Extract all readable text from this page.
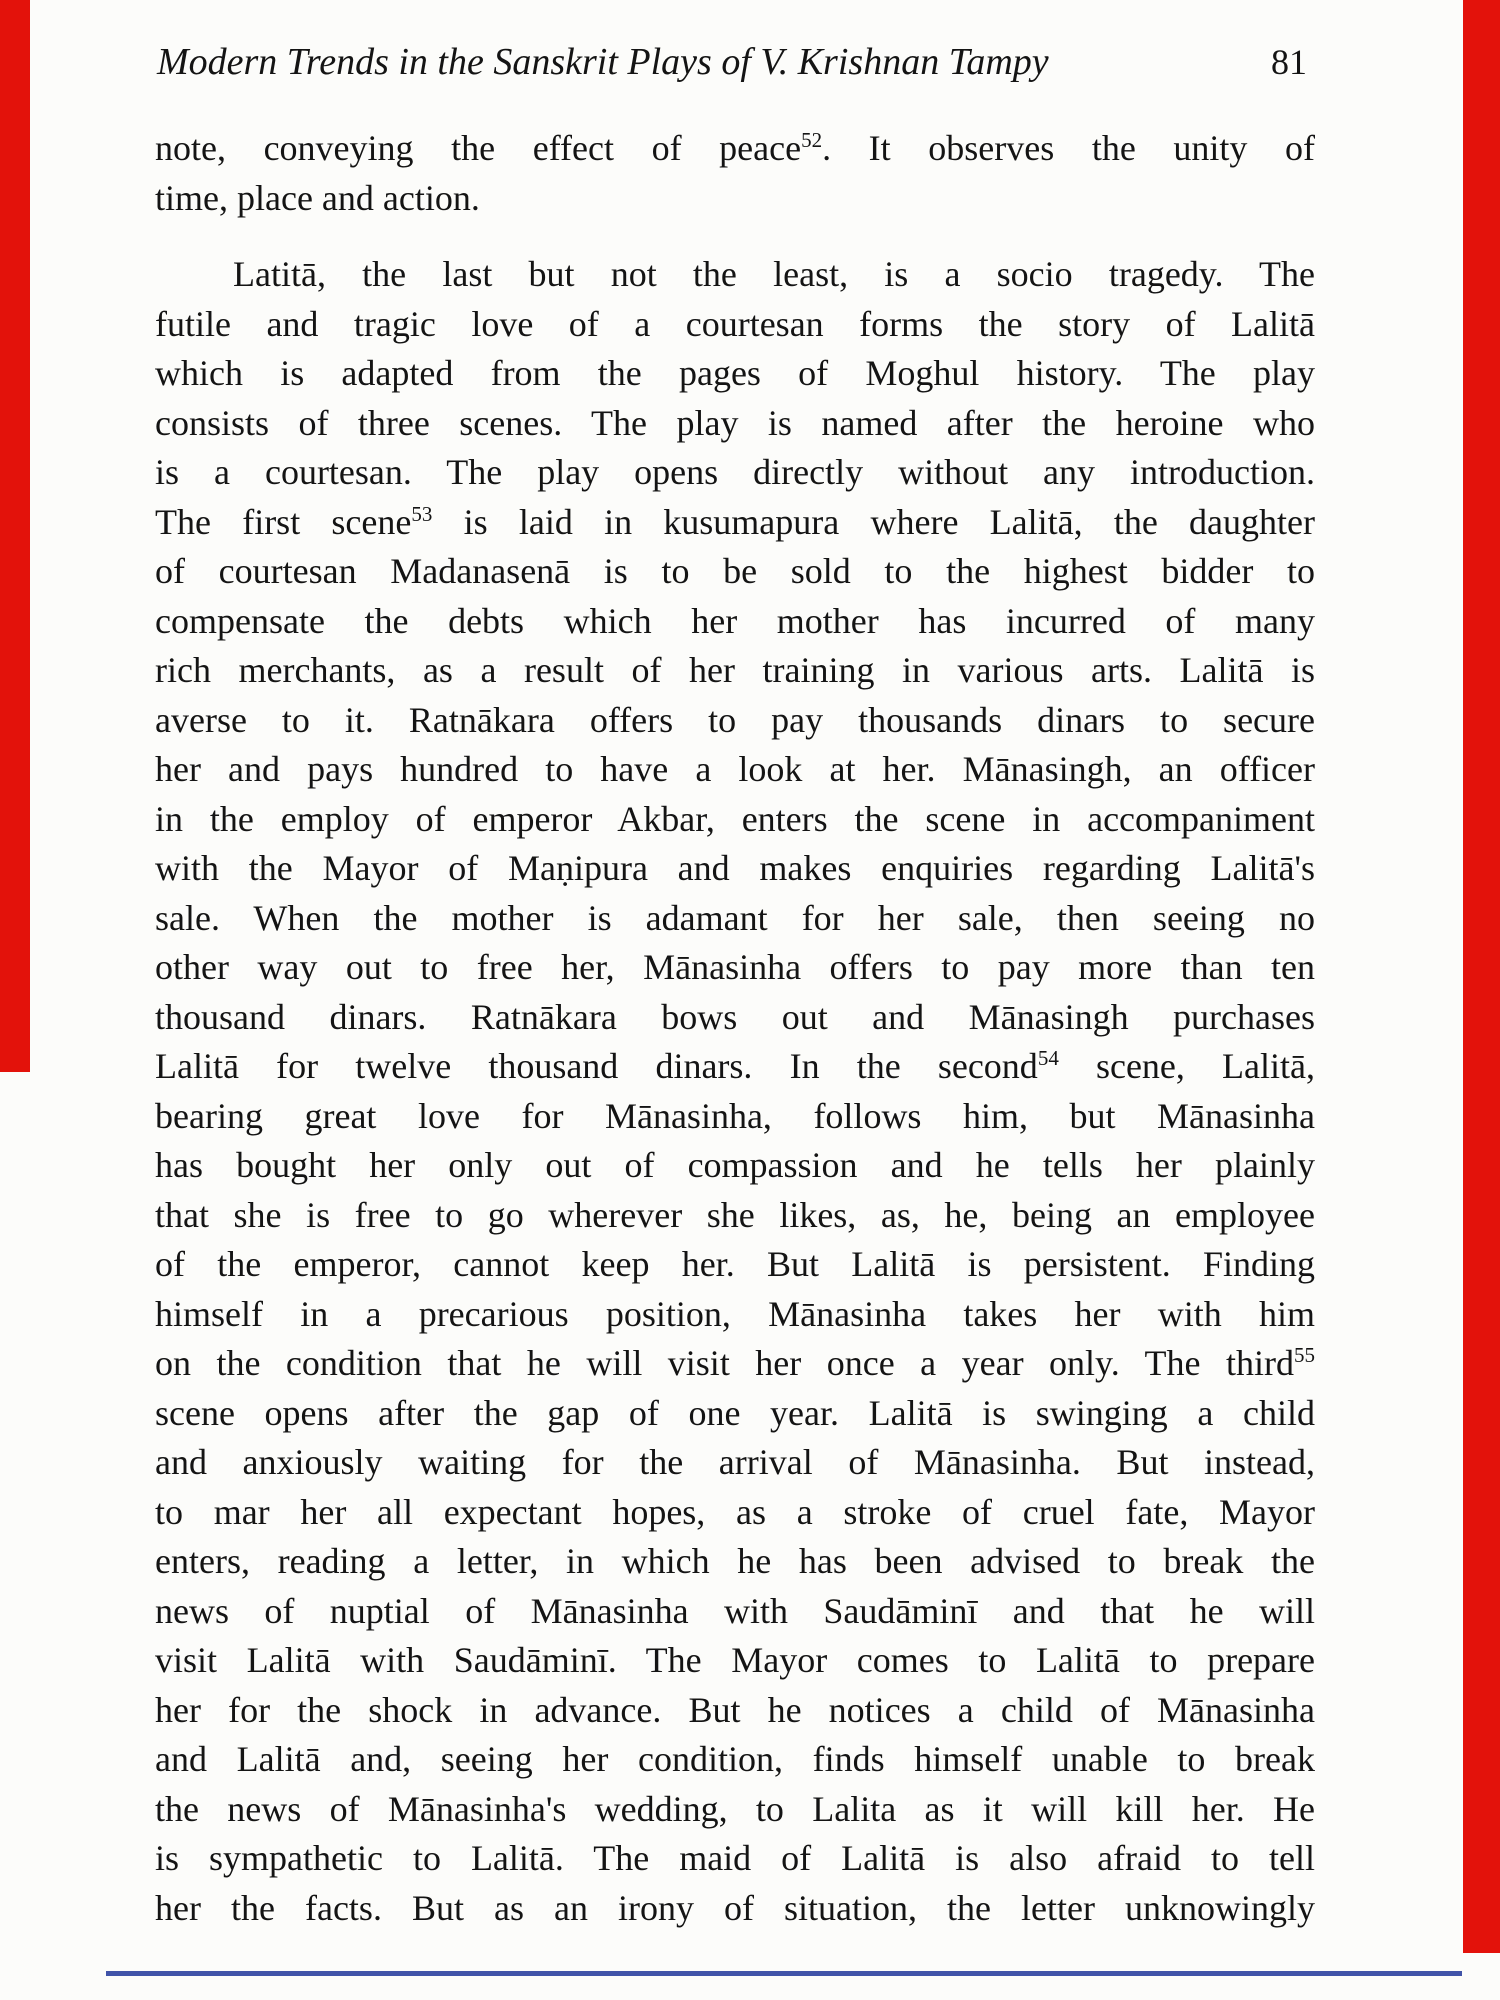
Modern Trends in the Sanskrit Plays of V. Krishnan Tampy	81
note, conveying the effect of peace$^{52}$. It observes the unity of
time, place and action.
Latitā, the last but not the least, is a socio tragedy. The
futile and tragic love of a courtesan forms the story of Lalitā
which is adapted from the pages of Moghul history. The play
consists of three scenes. The play is named after the heroine who
is a courtesan. The play opens directly without any introduction.
The first scene$^{53}$ is laid in kusumapura where Lalitā, the daughter
of courtesan Madanasenā is to be sold to the highest bidder to
compensate the debts which her mother has incurred of many
rich merchants, as a result of her training in various arts. Lalitā is
averse to it. Ratnākara offers to pay thousands dinars to secure
her and pays hundred to have a look at her. Mānasingh, an officer
in the employ of emperor Akbar, enters the scene in accompaniment
with the Mayor of Maṇipura and makes enquiries regarding Lalitā's
sale. When the mother is adamant for her sale, then seeing no
other way out to free her, Mānasinha offers to pay more than ten
thousand dinars. Ratnākara bows out and Mānasingh purchases
Lalitā for twelve thousand dinars. In the second$^{54}$ scene, Lalitā,
bearing great love for Mānasinha, follows him, but Mānasinha
has bought her only out of compassion and he tells her plainly
that she is free to go wherever she likes, as, he, being an employee
of the emperor, cannot keep her. But Lalitā is persistent. Finding
himself in a precarious position, Mānasinha takes her with him
on the condition that he will visit her once a year only. The third$^{55}$
scene opens after the gap of one year. Lalitā is swinging a child
and anxiously waiting for the arrival of Mānasinha. But instead,
to mar her all expectant hopes, as a stroke of cruel fate, Mayor
enters, reading a letter, in which he has been advised to break the
news of nuptial of Mānasinha with Saudāminī and that he will
visit Lalitā with Saudāminī. The Mayor comes to Lalitā to prepare
her for the shock in advance. But he notices a child of Mānasinha
and Lalitā and, seeing her condition, finds himself unable to break
the news of Mānasinha's wedding, to Lalita as it will kill her. He
is sympathetic to Lalitā. The maid of Lalitā is also afraid to tell
her the facts. But as an irony of situation, the letter unknowingly
